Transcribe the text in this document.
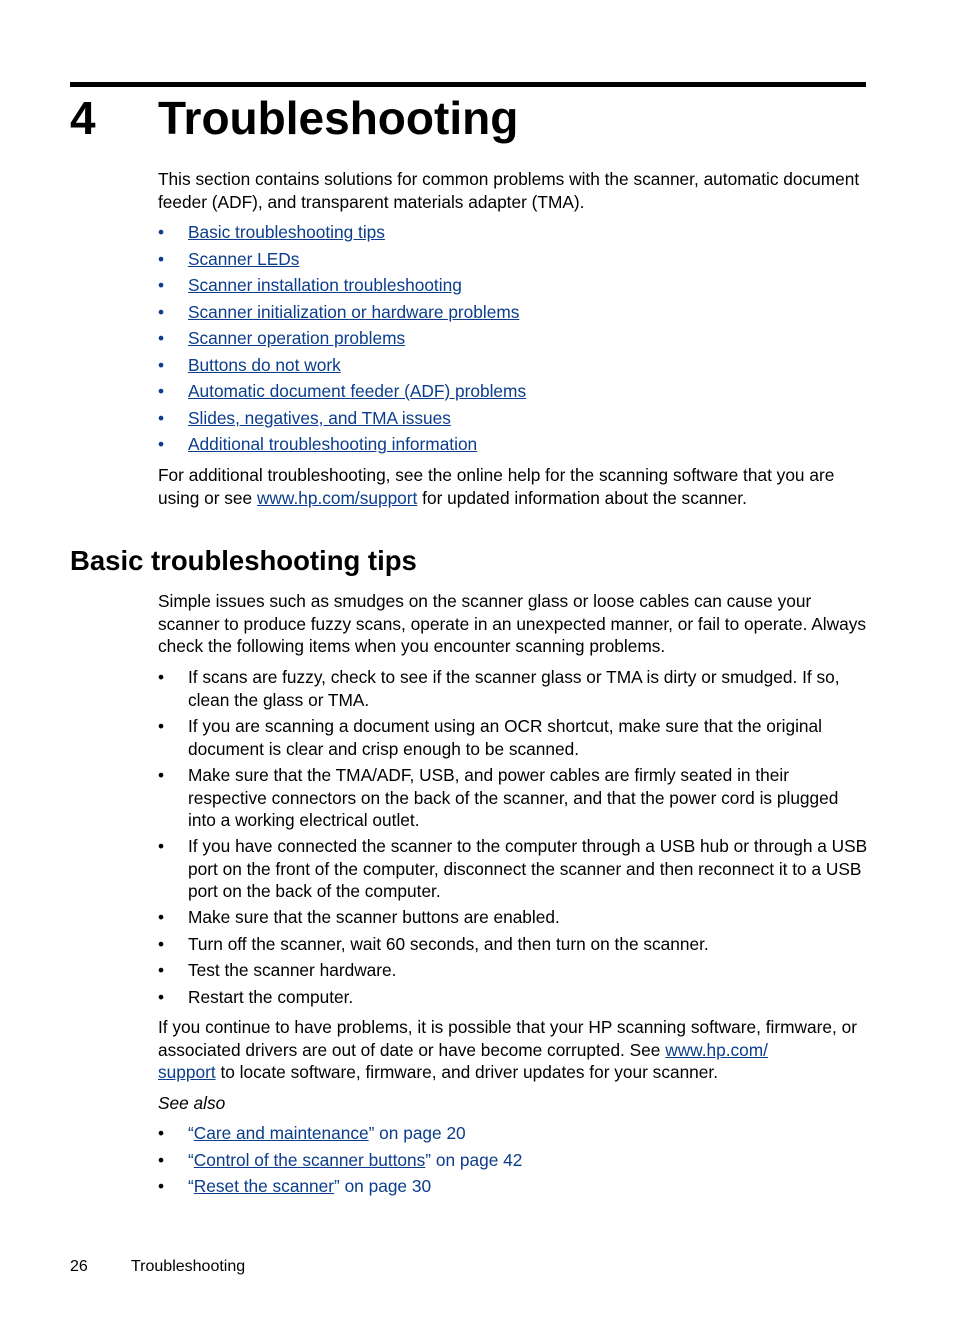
4 Troubleshooting
This section contains solutions for common problems with the scanner, automatic document feeder (ADF), and transparent materials adapter (TMA).
• Basic troubleshooting tips
• Scanner LEDs
• Scanner installation troubleshooting
• Scanner initialization or hardware problems
• Scanner operation problems
• Buttons do not work
• Automatic document feeder (ADF) problems
• Slides, negatives, and TMA issues
• Additional troubleshooting information
For additional troubleshooting, see the online help for the scanning software that you are using or see www.hp.com/support for updated information about the scanner.
Basic troubleshooting tips
Simple issues such as smudges on the scanner glass or loose cables can cause your scanner to produce fuzzy scans, operate in an unexpected manner, or fail to operate. Always check the following items when you encounter scanning problems.
• If scans are fuzzy, check to see if the scanner glass or TMA is dirty or smudged. If so, clean the glass or TMA.
• If you are scanning a document using an OCR shortcut, make sure that the original document is clear and crisp enough to be scanned.
• Make sure that the TMA/ADF, USB, and power cables are firmly seated in their respective connectors on the back of the scanner, and that the power cord is plugged into a working electrical outlet.
• If you have connected the scanner to the computer through a USB hub or through a USB port on the front of the computer, disconnect the scanner and then reconnect it to a USB port on the back of the computer.
• Make sure that the scanner buttons are enabled.
• Turn off the scanner, wait 60 seconds, and then turn on the scanner.
• Test the scanner hardware.
• Restart the computer.
If you continue to have problems, it is possible that your HP scanning software, firmware, or associated drivers are out of date or have become corrupted. See www.hp.com/
support to locate software, firmware, and driver updates for your scanner.
See also
• “Care and maintenance” on page 20
• “Control of the scanner buttons” on page 42
• “Reset the scanner” on page 30
26	Troubleshooting
